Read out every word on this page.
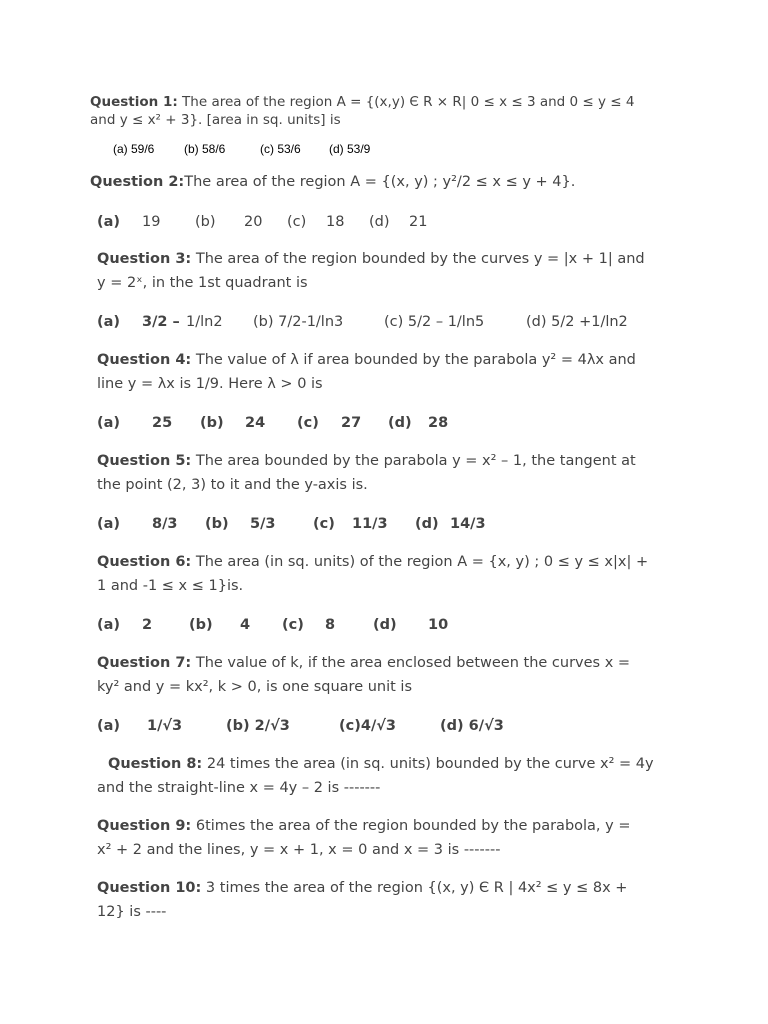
Question 1: The area of the region A = {(x,y) Є R × R| 0 ≤ x ≤ 3 and 0 ≤ y ≤ 4
and y ≤ x² + 3}. [area in sq. units] is
(a) 59/6 (b) 58/6	(c) 53/6 (d) 53/9
Question 2:The area of the region A = {(x, y) ; y²/2 ≤ x ≤ y + 4}.
(a) 19 (b) 20 (c) 18 (d) 21
Question 3: The area of the region bounded by the curves y = |x + 1| and
y = 2ˣ, in the 1st quadrant is
(a) 3/2 – 1/ln2 (b) 7/2-1/ln3	(c) 5/2 – 1/ln5	(d) 5/2 +1/ln2
Question 4: The value of λ if area bounded by the parabola y² = 4λx and
line y = λx is 1/9. Here λ > 0 is
(a) 25 (b) 24 (c) 27 (d) 28
Question 5: The area bounded by the parabola y = x² – 1, the tangent at
the point (2, 3) to it and the y-axis is.
(a) 8/3 (b) 5/3	(c) 11/3 (d) 14/3
Question 6: The area (in sq. units) of the region A = {x, y) ; 0 ≤ y ≤ x|x| +
1 and -1 ≤ x ≤ 1}is.
(a) 2	(b) 4 (c) 8	(d) 10
Question 7: The value of k, if the area enclosed between the curves x =
ky² and y = kx², k > 0, is one square unit is
(a) 1/√3	(b) 2/√3	(c)4/√3	(d) 6/√3
Question 8: 24 times the area (in sq. units) bounded by the curve x² = 4y
and the straight-line x = 4y – 2 is -------
Question 9: 6times the area of the region bounded by the parabola, y =
x² + 2 and the lines, y = x + 1, x = 0 and x = 3 is -------
Question 10: 3 times the area of the region {(x, y) Є R | 4x² ≤ y ≤ 8x +
12} is ----
